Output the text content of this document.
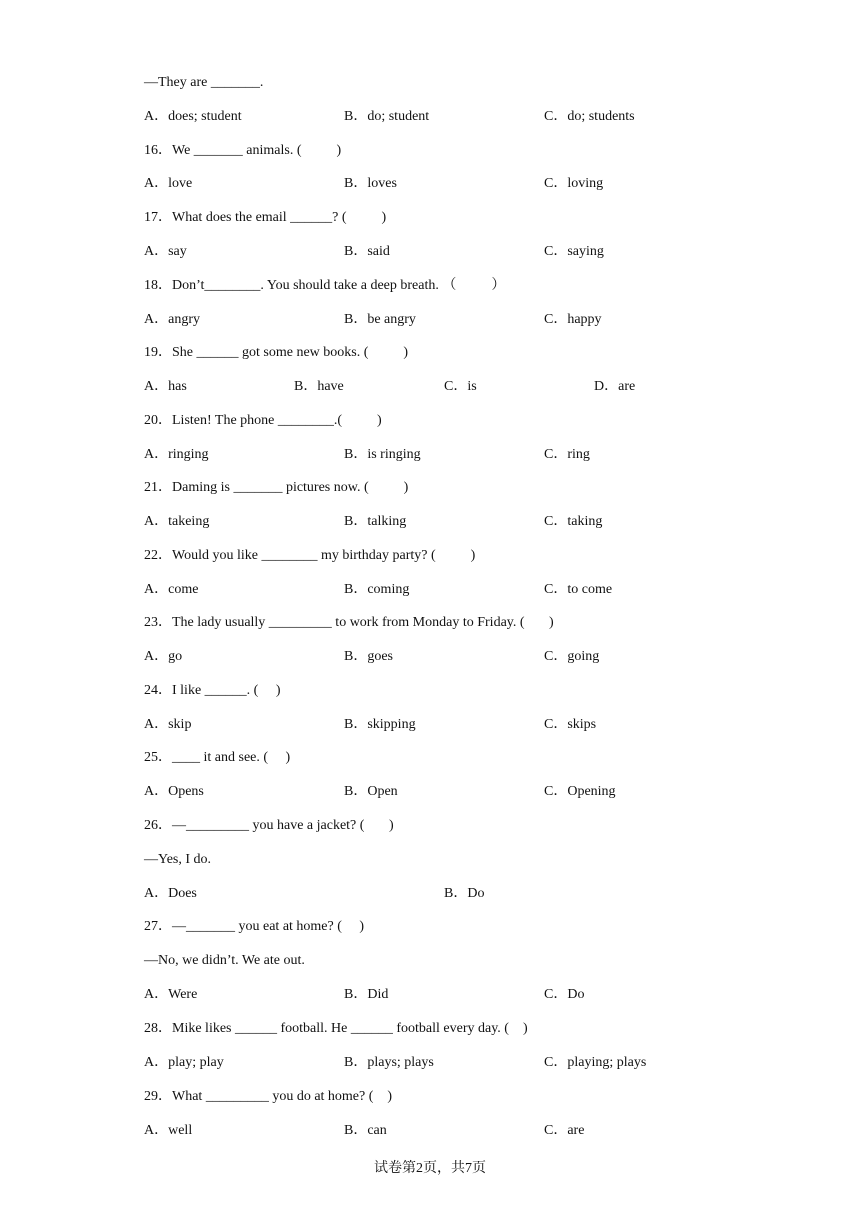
—They are _______.
A．does; student	B．do; student	C．do; students
16．We _______ animals. (          )
A．love	B．loves	C．loving
17．What does the email ______? (          )
A．say	B．said	C．saying
18．Don’t________. You should take a deep breath. （          ）
A．angry	B．be angry	C．happy
19．She ______ got some new books. (          )
A．has	B．have	C．is	D．are
20．Listen! The phone ________.(          )
A．ringing	B．is ringing	C．ring
21．Daming is _______ pictures now. (          )
A．takeing	B．talking	C．taking
22．Would you like ________ my birthday party? (          )
A．come	B．coming	C．to come
23．The lady usually _________ to work from Monday to Friday. (       )
A．go	B．goes	C．going
24．I like ______. (     )
A．skip	B．skipping	C．skips
25．____ it and see. (     )
A．Opens	B．Open	C．Opening
26．—_________ you have a jacket? (       )
—Yes, I do.
A．Does	B．Do
27．—_______ you eat at home? (     )
—No, we didn’t. We ate out.
A．Were	B．Did	C．Do
28．Mike likes ______ football. He ______ football every day. (    )
A．play; play	B．plays; plays	C．playing; plays
29．What _________ you do at home? (    )
A．well	B．can	C．are
试卷第2页，共7页
